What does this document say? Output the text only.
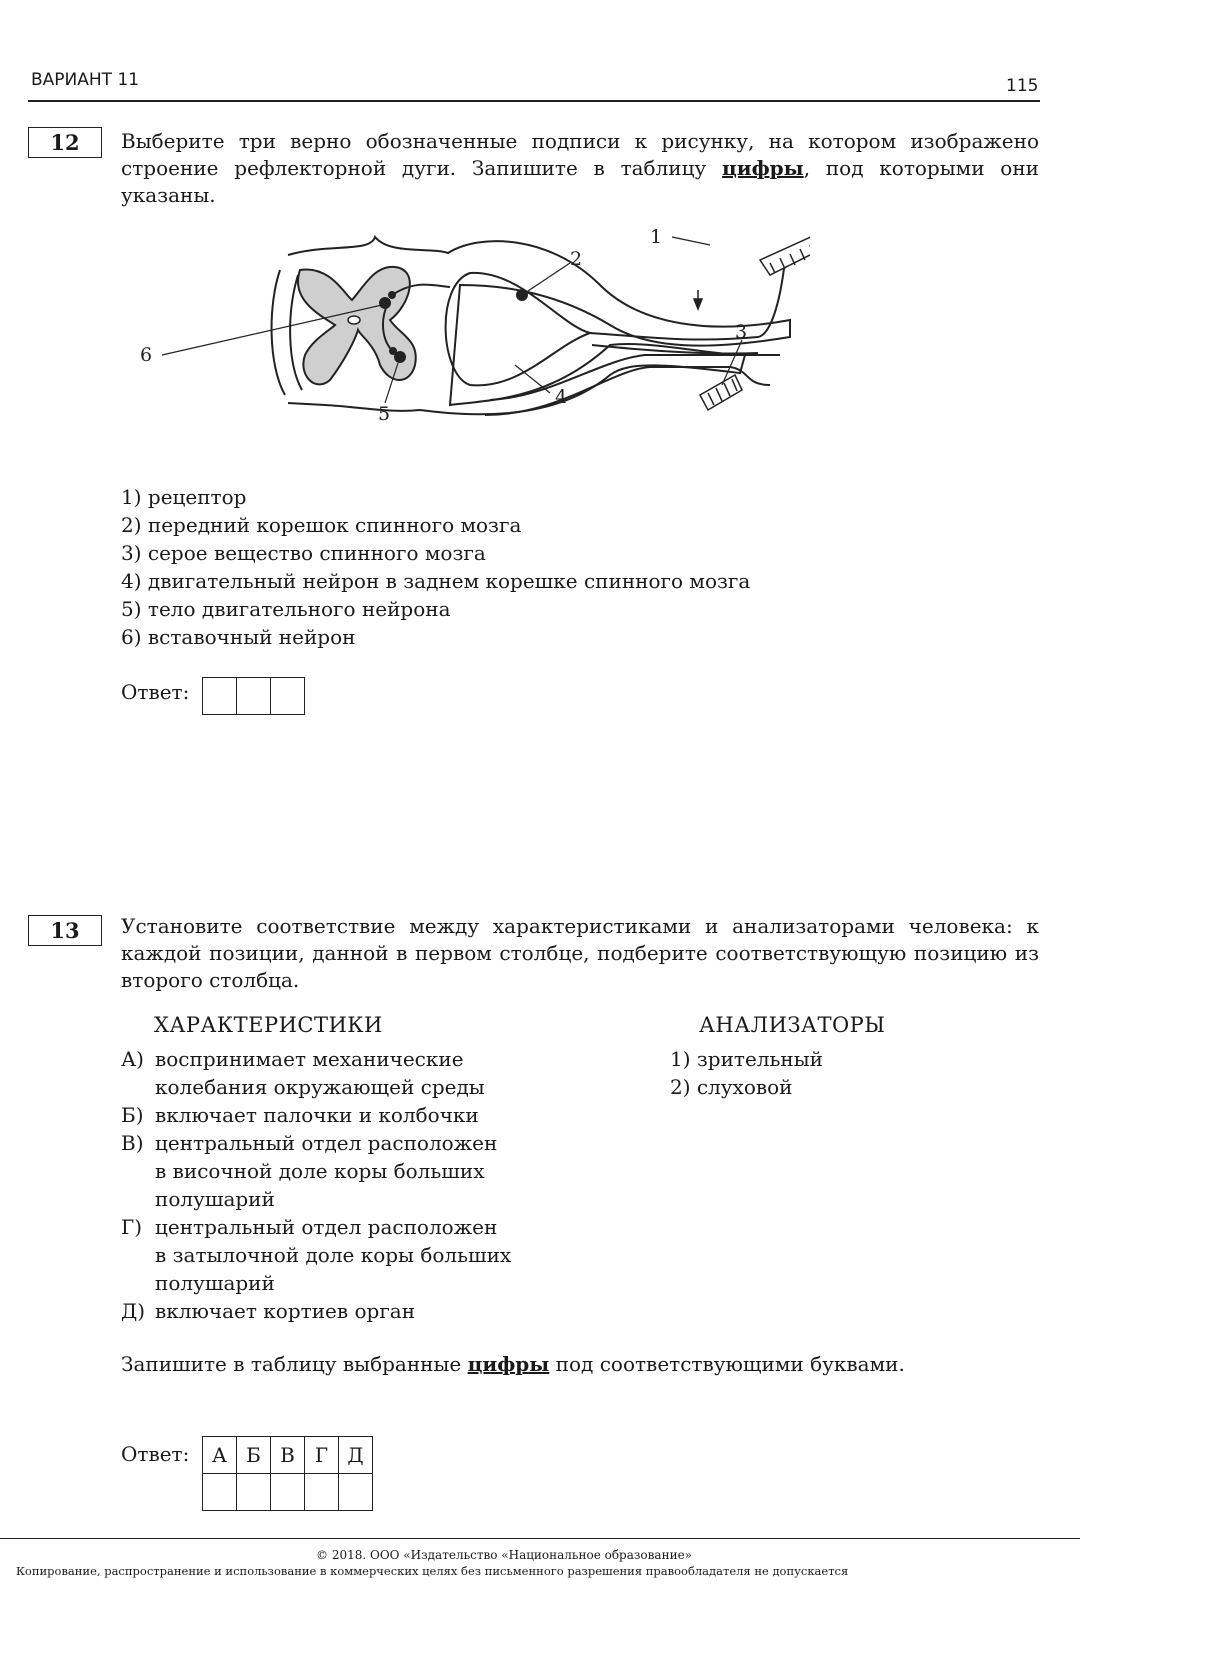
ВАРИАНТ 11	115
12	Выберите три верно обозначенные подписи к рисунку, на котором изображено строение рефлекторной дуги. Запишите в таблицу цифры, под которыми они указаны.
1
2
3
4
5
6
1) рецептор
2) передний корешок спинного мозга
3) серое вещество спинного мозга
4) двигательный нейрон в заднем корешке спинного мозга
5) тело двигательного нейрона
6) вставочный нейрон
Ответ:

13	Установите соответствие между характеристиками и анализаторами человека: к каждой позиции, данной в первом столбце, подберите соответствующую позицию из второго столбца.
ХАРАКТЕРИСТИКИ	АНАЛИЗАТОРЫ
А) воспринимает механические
колебания окружающей среды
Б) включает палочки и колбочки
В) центральный отдел расположен
в височной доле коры больших
полушарий
Г) центральный отдел расположен
в затылочной доле коры больших
полушарий
Д) включает кортиев орган
1) зрительный
2) слуховой
Запишите в таблицу выбранные цифры под соответствующими буквами.
Ответ: А	Б	В	Г	Д

© 2018. ООО «Издательство «Национальное образование»
Копирование, распространение и использование в коммерческих целях без письменного разрешения правообладателя не допускается
